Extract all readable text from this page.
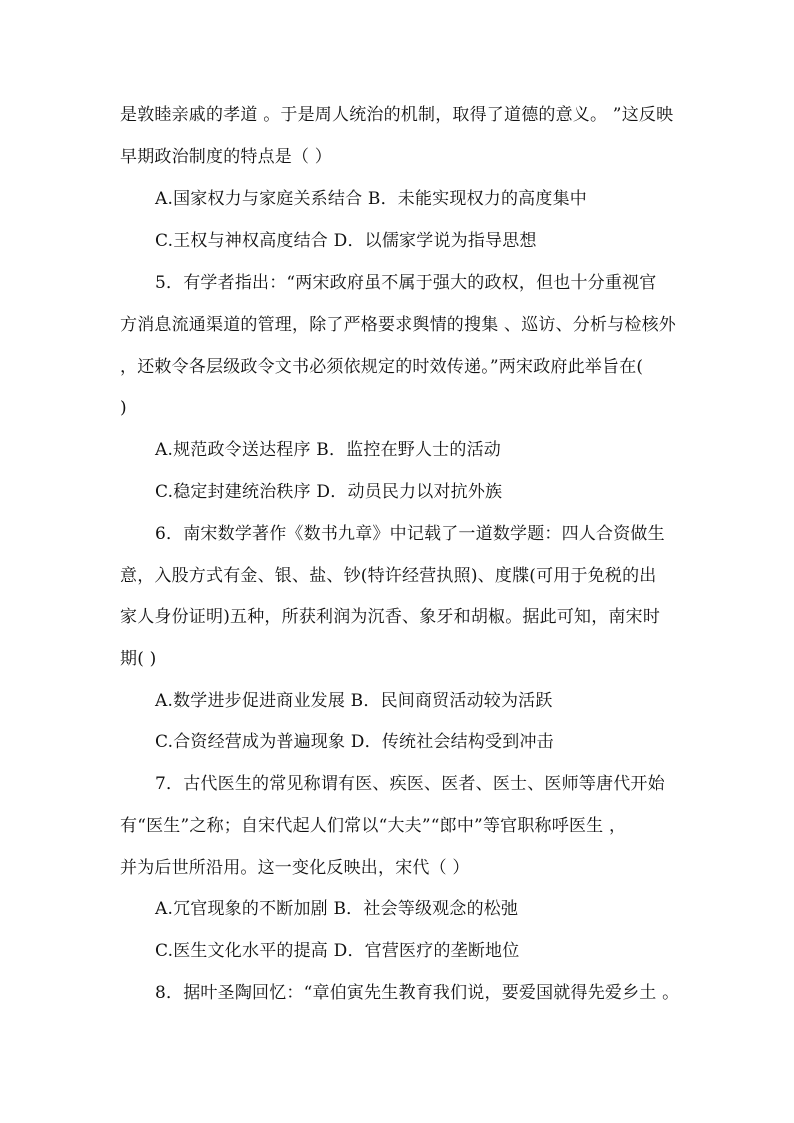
是敦睦亲戚的孝道 。于是周人统治的机制，取得了道德的意义。 ”这反映
早期政治制度的特点是（ ）
A.国家权力与家庭关系结合 B．未能实现权力的高度集中
C.王权与神权高度结合 D．以儒家学说为指导思想
5．有学者指出：“两宋政府虽不属于强大的政权，但也十分重视官
方消息流通渠道的管理，除了严格要求舆情的搜集 、巡访、分析与检核外
，还敕令各层级政令文书必须依规定的时效传递。”两宋政府此举旨在(
)
A.规范政令送达程序 B．监控在野人士的活动
C.稳定封建统治秩序 D．动员民力以对抗外族
6．南宋数学著作《数书九章》中记载了一道数学题：四人合资做生
意，入股方式有金、银、盐、钞(特许经营执照)、度牒(可用于免税的出
家人身份证明)五种，所获利润为沉香、象牙和胡椒。据此可知，南宋时
期( )
A.数学进步促进商业发展 B．民间商贸活动较为活跃
C.合资经营成为普遍现象 D．传统社会结构受到冲击
7．古代医生的常见称谓有医、疾医、医者、医士、医师等唐代开始
有“医生”之称；自宋代起人们常以“大夫”“郎中”等官职称呼医生 ，
并为后世所沿用。这一变化反映出，宋代（ ）
A.冗官现象的不断加剧 B．社会等级观念的松弛
C.医生文化水平的提高 D．官营医疗的垄断地位
8．据叶圣陶回忆：“章伯寅先生教育我们说，要爱国就得先爱乡土 。
